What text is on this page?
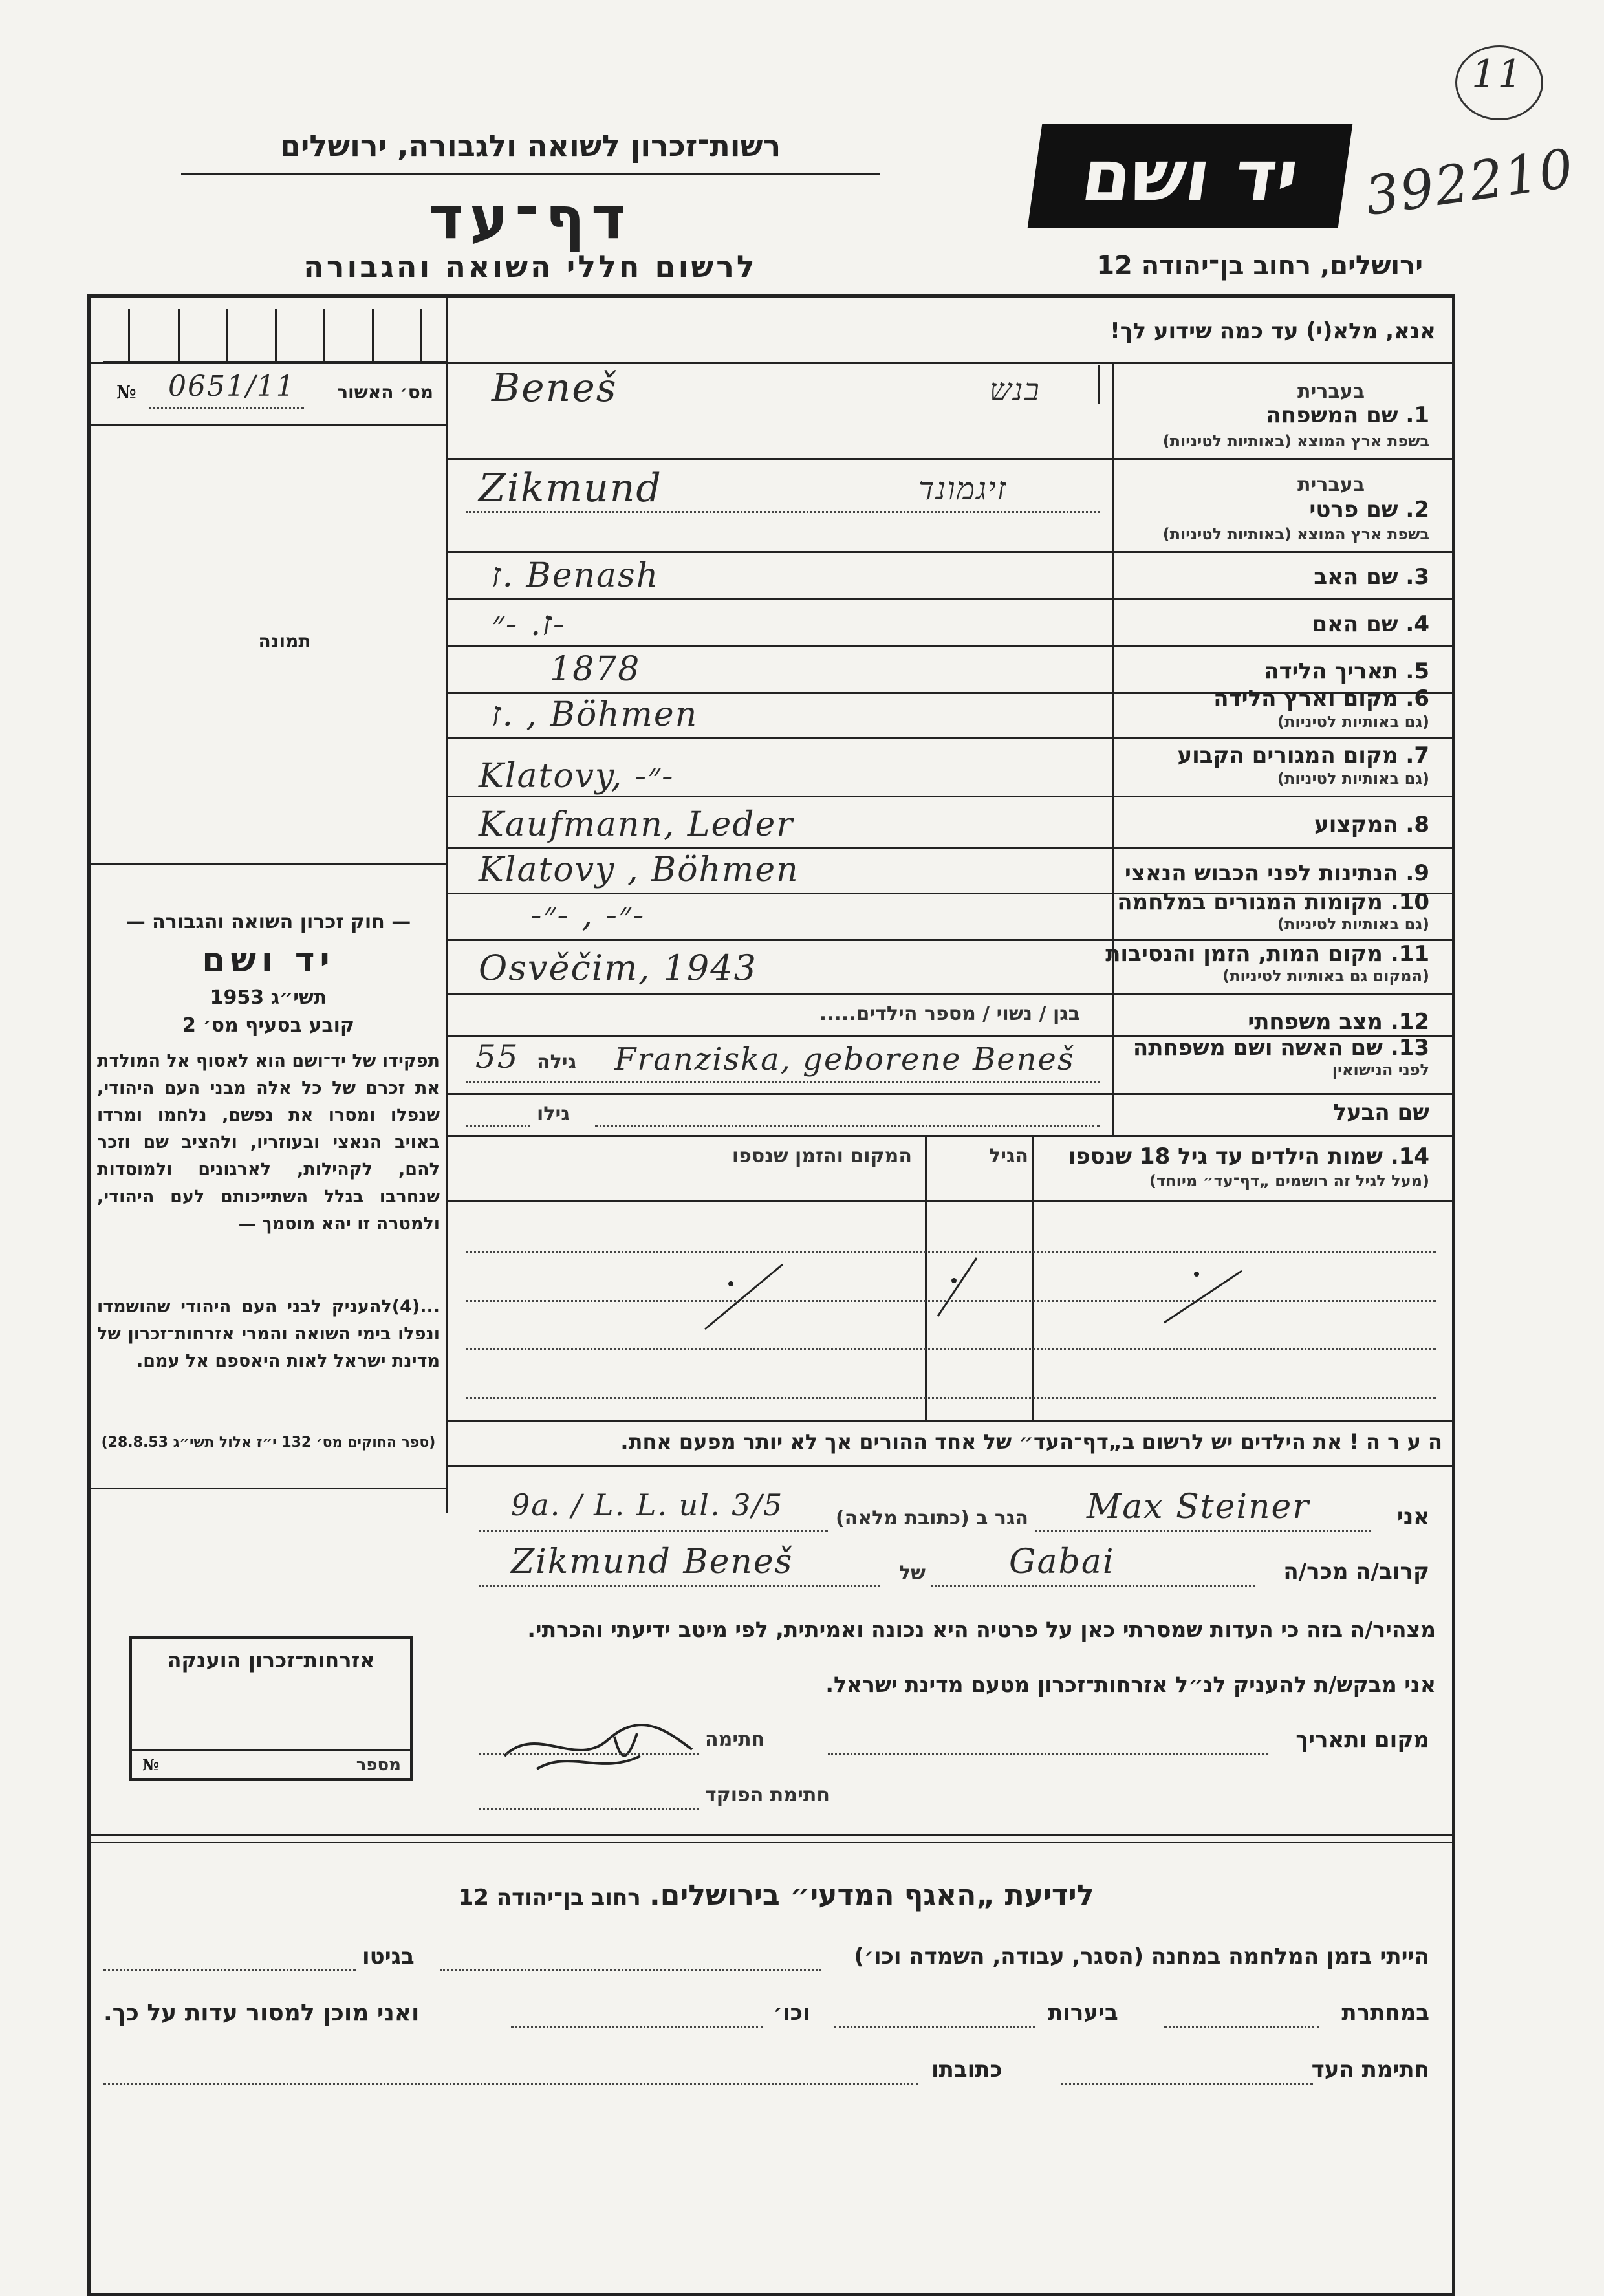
11
רשות־זכרון לשואה ולגבורה, ירושלים
דף־עד
לרשום חללי השואה והגבורה
יד ושם	392210
ירושלים, רחוב בן־יהודה 12
אנא, מלא(י) עד כמה שידוע לך!
מס׳ האשור
№ 0651/11
תמונה
בעברית
1. שם המשפחה
בשפת ארץ המוצא (באותיות לטיניות)
Beneš	בנש
בעברית
2. שם פרטי
בשפת ארץ המוצא (באותיות לטיניות)
Zikmund	זיגמונד
3. שם האב
ז. Benash
4. שם האם
ז. -״-
5. תאריך הלידה
1878
6. מקום וארץ הלידה
(גם באותיות לטיניות)
ז. , Böhmen
7. מקום המגורים הקבוע
(גם באותיות לטיניות)
Klatovy, -״-
8. המקצוע
Kaufmann, Leder
9. הנתינות לפני הכבוש הנאצי
Klatovy , Böhmen
10. מקומות המגורים במלחמה
(גם באותיות לטיניות)
-״- , -״-
11. מקום המות, הזמן והנסיבות
(המקום גם באותיות לטיניות)
Osvěčim, 1943
12. מצב משפחתי
בגן / נשוי / מספר הילדים.....
13. שם האשה ושם משפחתה
לפני הנישואין
55 גילה Franziska, geborene Beneš
שם הבעל
גילו
14. שמות הילדים עד גיל 18 שנספו
(מעל לגיל זה רושמים „דף־עד״ מיוחד)
הגיל
המקום והזמן שנספו
— חוק זכרון השואה והגבורה —
יד ושם
תשי״ג 1953
קובע בסעיף מס׳ 2
תפקידו של יד־ושם הוא לאסוף אל המולדת את זכרם של כל אלה מבני העם היהודי, שנפלו ומסרו את נפשם, נלחמו ומרדו באויב הנאצי ובעוזריו, ולהציב שם וזכר להם, לקהילות, לארגונים ולמוסדות שנחרבו בגלל השתייכותם לעם היהודי, ולמטרה זו יהא מוסמך —
...(4)להעניק לבני העם היהודי שהושמדו ונפלו בימי השואה והמרי אזרחות־זכרון של מדינת ישראל לאות היאספם אל עמם.
(ספר החוקים מס׳ 132 י״ז אלול תשי״ג 28.8.53)	ה ע ר ה ! את הילדים יש לרשום ב„דף־העד״ של אחד ההורים אך לא יותר מפעם אחת.
אני
Max Steiner
הגר ב (כתובת מלאה)
9a. / L. L. ul. 3/5
קרוב/ה מכר/ה
Gabai
של
Zikmund Beneš
מצהיר/ה בזה כי העדות שמסרתי כאן על פרטיה היא נכונה ואמיתית, לפי מיטב ידיעתי והכרתי.
אני מבקש/ת להעניק לנ״ל אזרחות־זכרון מטעם מדינת ישראל.
מקום ותאריך
חתימה
חתימת הפוקד
אזרחות־זכרון הוענקה
מספר
№
לידיעת „האגף המדעי״ בירושלים. רחוב בן־יהודה 12
הייתי בזמן המלחמה במחנה (הסגר, עבודה, השמדה וכו׳)
בגיטו
במחתרת
ביערות
וכו׳
ואני מוכן למסור עדות על כך.
חתימת העד
כתובתו
